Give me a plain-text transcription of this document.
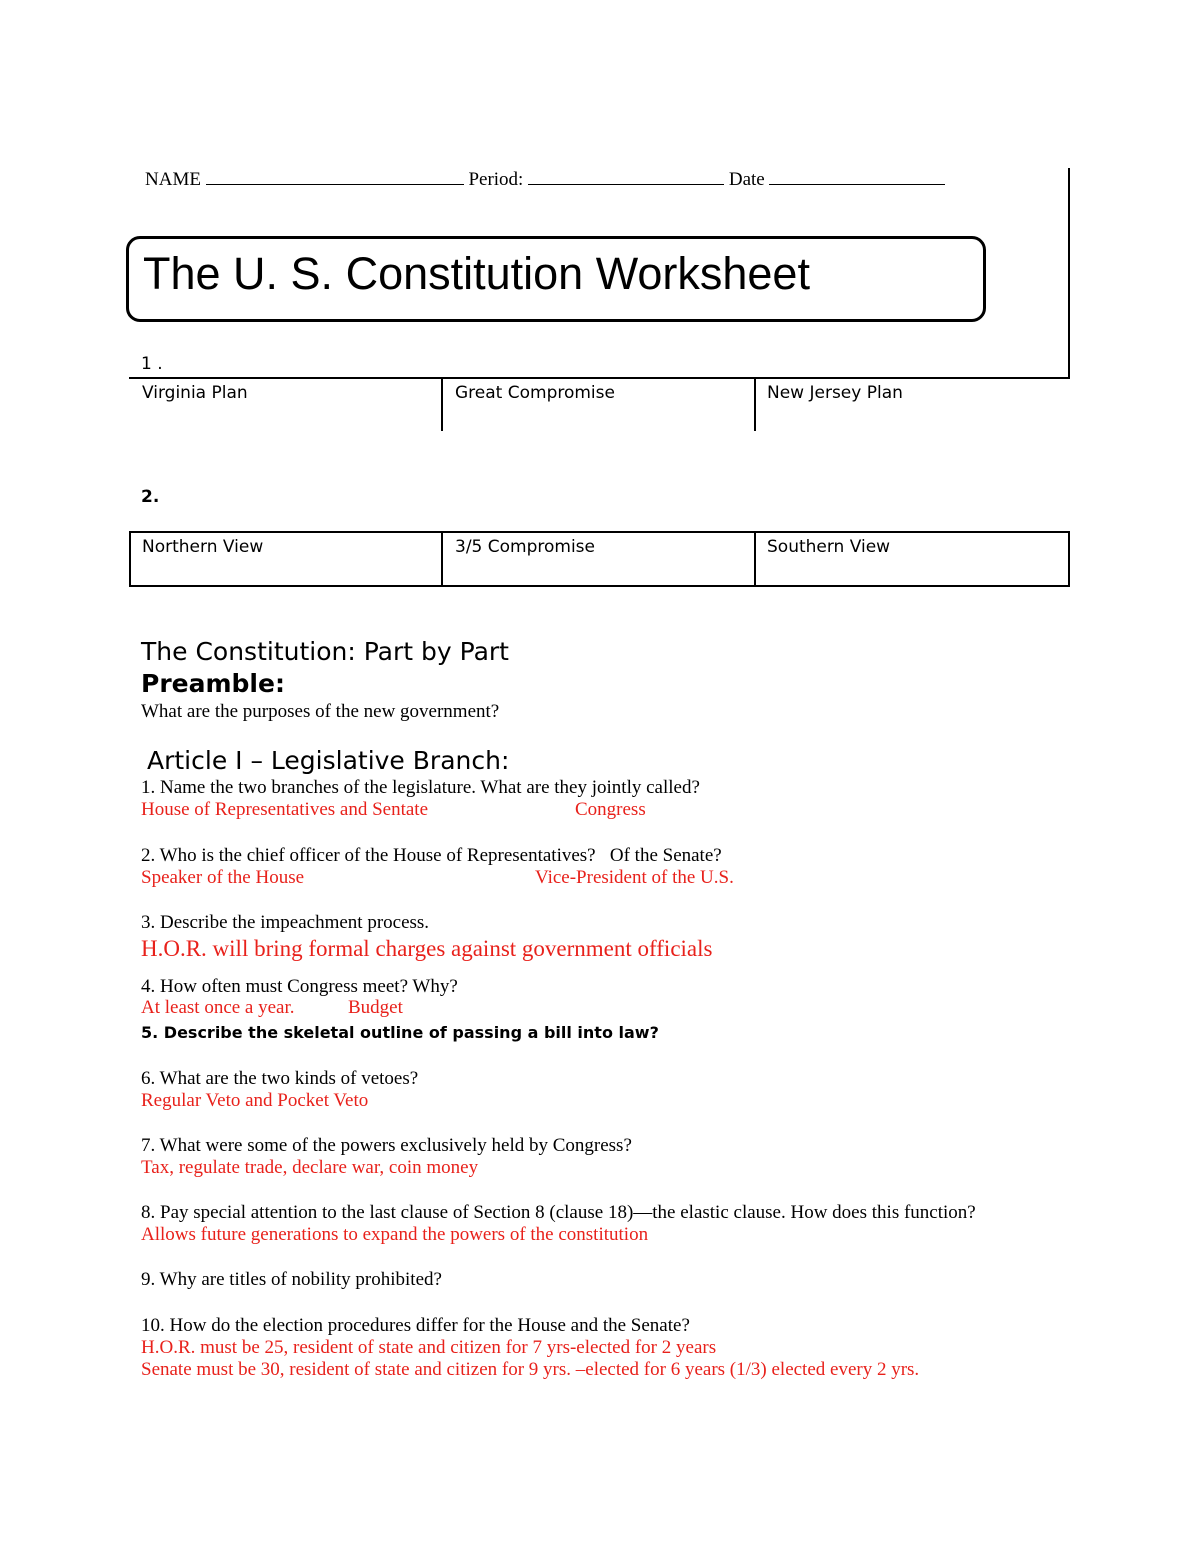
NAME	Period:	Date
The U. S. Constitution Worksheet
1 .
Virginia Plan	Great Compromise	New Jersey Plan
2.
Northern View	3/5 Compromise	Southern View
The Constitution: Part by Part
Preamble:
What are the purposes of the new government?
Article I – Legislative Branch:
1. Name the two branches of the legislature. What are they jointly called?
House of Representatives and Sentate	Congress
2. Who is the chief officer of the House of Representatives?   Of the Senate?
Speaker of the House	Vice-President of the U.S.
3. Describe the impeachment process.
H.O.R. will bring formal charges against government officials
4. How often must Congress meet? Why?
At least once a year.	Budget
5. Describe the skeletal outline of passing a bill into law?
6. What are the two kinds of vetoes?
Regular Veto and Pocket Veto
7. What were some of the powers exclusively held by Congress?
Tax, regulate trade, declare war, coin money
8. Pay special attention to the last clause of Section 8 (clause 18)—the elastic clause. How does this function?
Allows future generations to expand the powers of the constitution
9. Why are titles of nobility prohibited?
10. How do the election procedures differ for the House and the Senate?
H.O.R. must be 25, resident of state and citizen for 7 yrs-elected for 2 years
Senate must be 30, resident of state and citizen for 9 yrs. –elected for 6 years (1/3) elected every 2 yrs.
